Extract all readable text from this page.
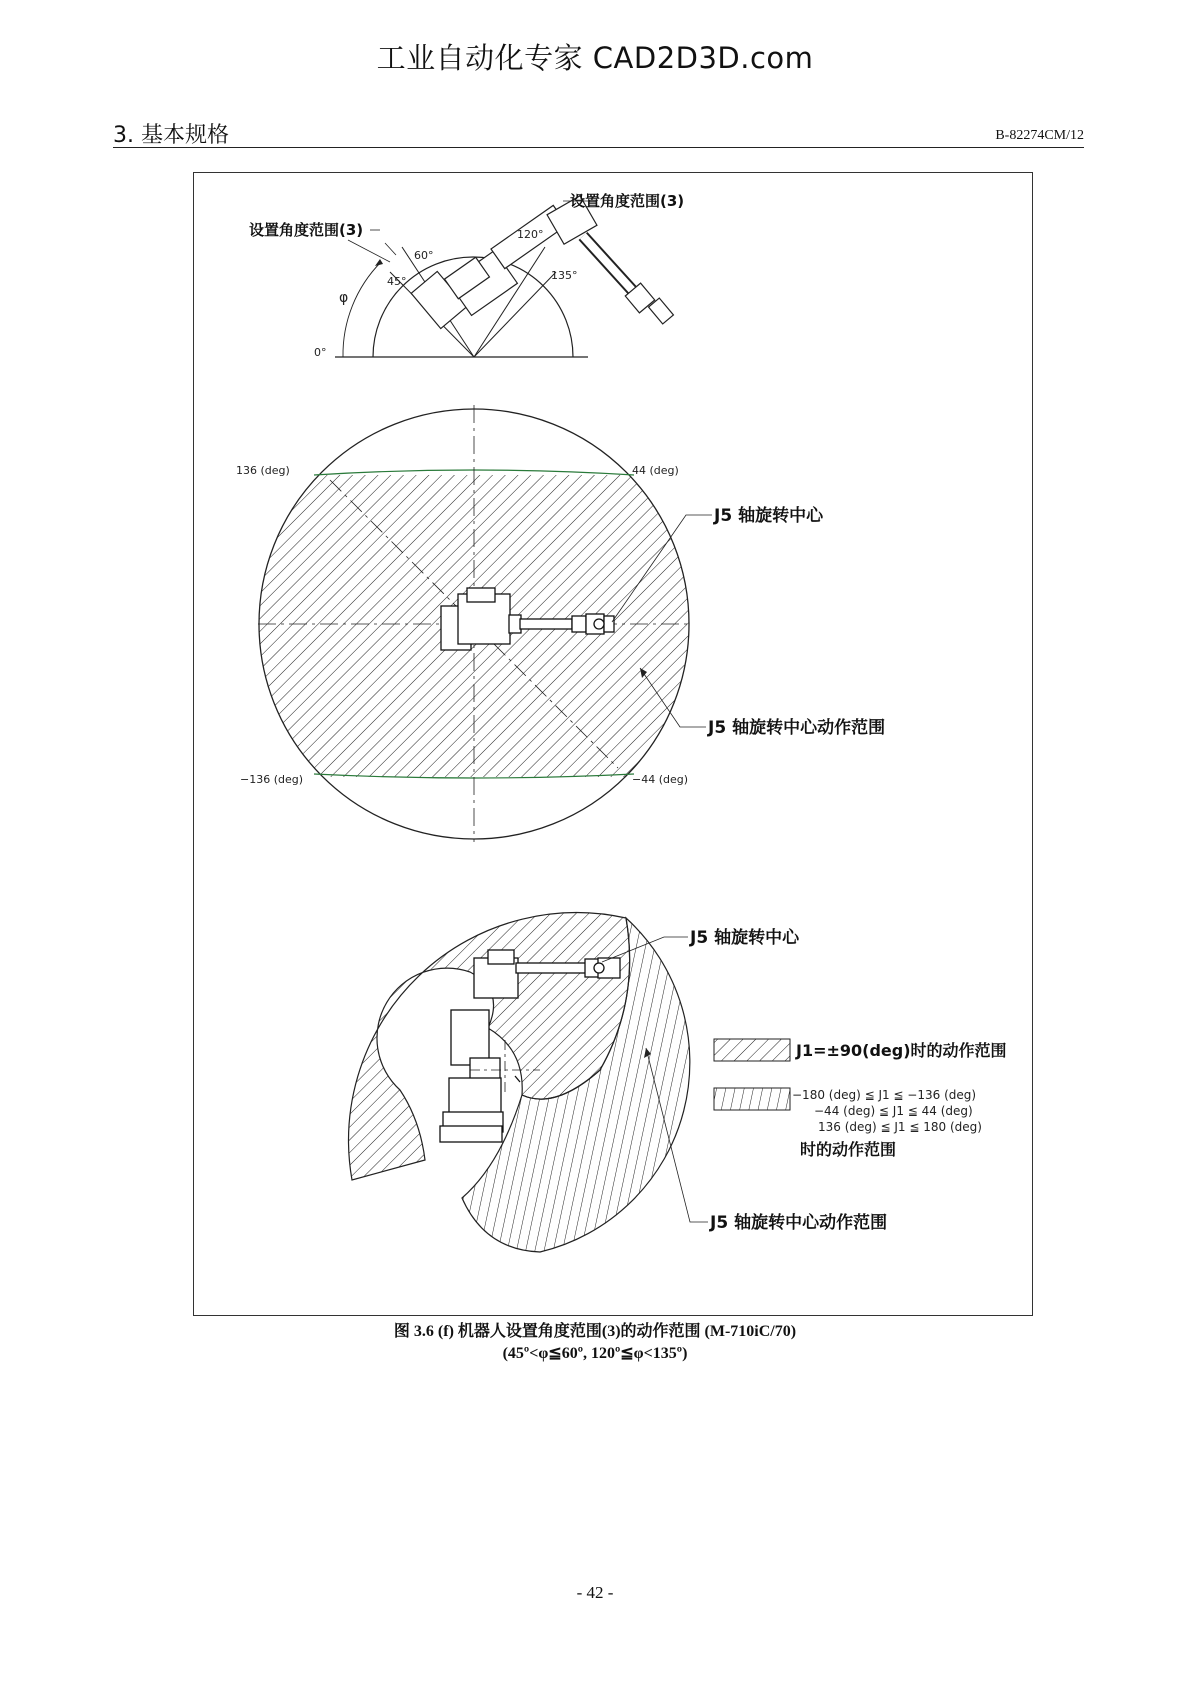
工业自动化专家 CAD2D3D.com
3. 基本规格	B-82274CM/12
设置角度范围(3)
设置角度范围(3)
0°
45°
60°
120°
135°
φ
136 (deg)	44 (deg)
−136 (deg)	−44 (deg)
J5 轴旋转中心
J5 轴旋转中心动作范围
J5 轴旋转中心
J5 轴旋转中心动作范围
J1=±90(deg)时的动作范围
−180 (deg) ≦ J1 ≦ −136 (deg)
−44 (deg) ≦ J1 ≦ 44 (deg)
136 (deg) ≦ J1 ≦ 180 (deg)
时的动作范围
图 3.6 (f) 机器人设置角度范围(3)的动作范围 (M-710iC/70)
(45º<φ≦60º, 120º≦φ<135º)
- 42 -
